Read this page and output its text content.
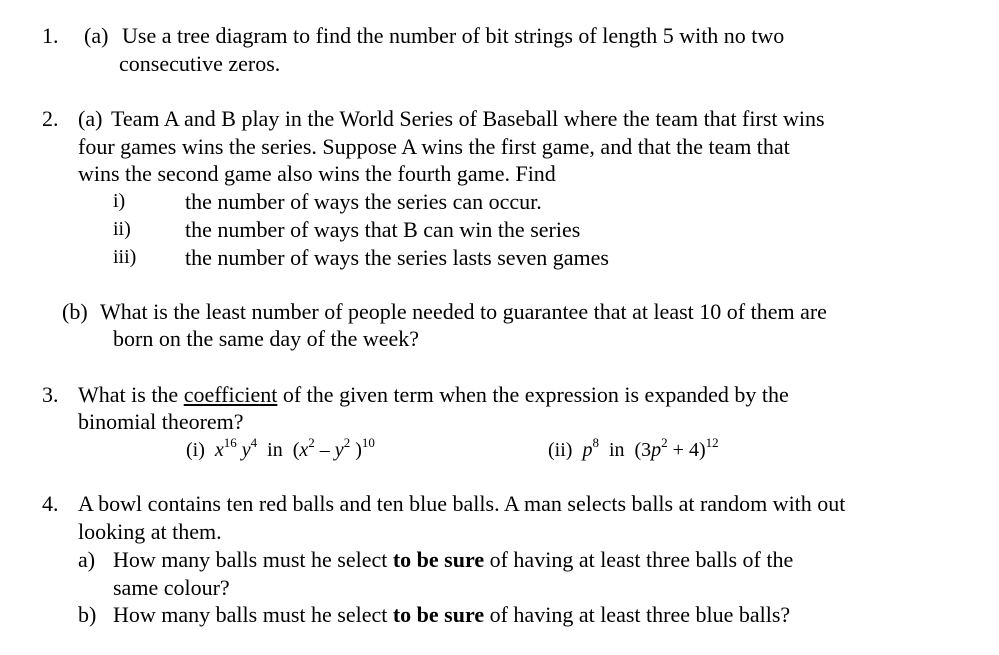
1. (a) Use a tree diagram to find the number of bit strings of length 5 with no two
consecutive zeros.
2. (a) Team A and B play in the World Series of Baseball where the team that first wins
four games wins the series. Suppose A wins the first game, and that the team that
wins the second game also wins the fourth game. Find
i)	the number of ways the series can occur.
ii) the number of ways that B can win the series
iii) the number of ways the series lasts seven games
(b) What is the least number of people needed to guarantee that at least 10 of them are
born on the same day of the week?
3. What is the coefficient of the given term when the expression is expanded by the
binomial theorem?
(i) $x^{16}$ $y^4$ in ($x^2 - y^2$ )$^{10}$	(ii) $p^8$ in $(3p^2 + 4)^{12}$
4. A bowl contains ten red balls and ten blue balls. A man selects balls at random with out
looking at them.
a) How many balls must he select to be sure of having at least three balls of the
same colour?
b) How many balls must he select to be sure of having at least three blue balls?
